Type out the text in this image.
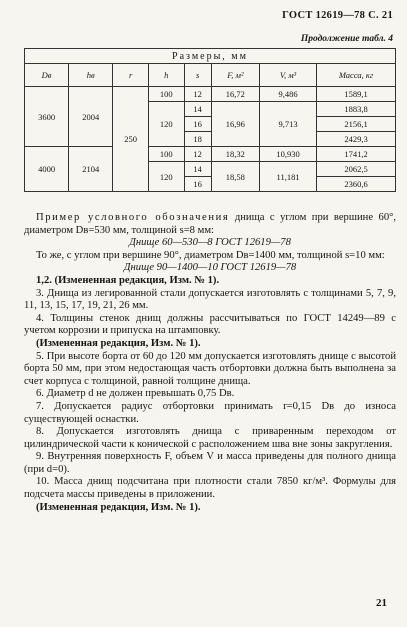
ГОСТ 12619—78 С. 21
Продолжение табл. 4
Размеры, мм							
Dв	hв	r	h	s	F, м²	V, м³	Масса, кг
3600	2004	250	100	12	16,72	9,486	1589,1
			120	14	16,96	9,713	1883,8
				16			2156,1
				18			2429,3
4000	2104		100	12	18,32	10,930	1741,2
			120	14	18,58	11,181	2062,5
				16			2360,6

Пример условного обозначения днища с углом при вершине 60°, диаметром Dв=530 мм, толщиной s=8 мм:

Днище 60—530—8 ГОСТ 12619—78

То же, с углом при вершине 90°, диаметром Dв=1400 мм, толщиной s=10 мм:

Днище 90—1400—10 ГОСТ 12619—78

1,2. (Измененная редакция, Изм. № 1).

3. Днища из легированной стали допускается изготовлять с толщинами 5, 7, 9, 11, 13, 15, 17, 19, 21, 26 мм.

4. Толщины стенок днищ должны рассчитываться по ГОСТ 14249—89 с учетом коррозии и припуска на штамповку.

(Измененная редакция, Изм. № 1).

5. При высоте борта от 60 до 120 мм допускается изготовлять днище с высотой борта 50 мм, при этом недостающая часть отбортовки должна быть выполнена за счет корпуса с толщиной, равной толщине днища.

6. Диаметр d не должен превышать 0,75 Dв.

7. Допускается радиус отбортовки принимать r=0,15 Dв до износа существующей оснастки.

8. Допускается изготовлять днища с приваренным переходом от цилиндрической части к конической с расположением шва вне зоны закругления.

9. Внутренняя поверхность F, объем V и масса приведены для полного днища (при d=0).

10. Масса днищ подсчитана при плотности стали 7850 кг/м³. Формулы для подсчета массы приведены в приложении.

(Измененная редакция, Изм. № 1).

21
